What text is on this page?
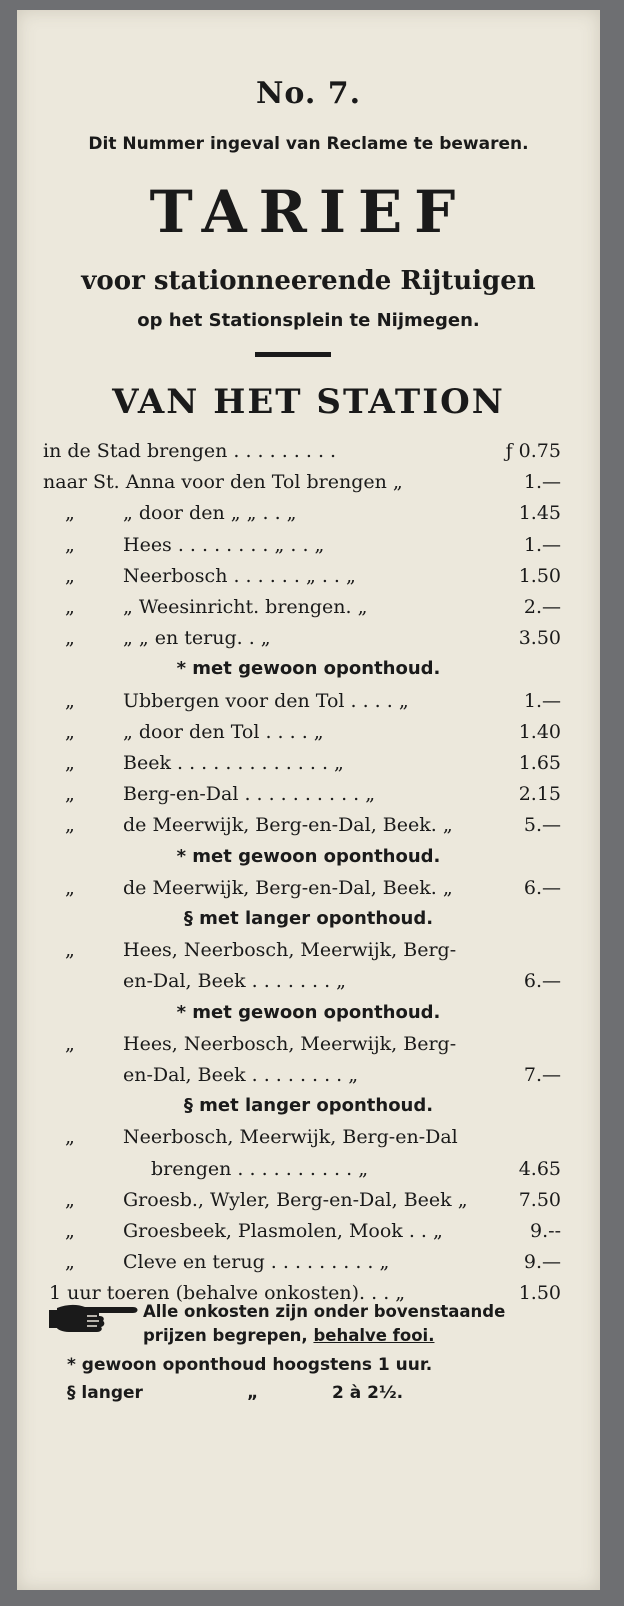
No. 7.
Dit Nummer ingeval van Reclame te bewaren.
TARIEF
voor stationneerende Rijtuigen
op het Stationsplein te Nijmegen.
VAN HET STATION
in de Stad brengen . . . . . . . . .	ƒ 0.75
naar St. Anna voor den Tol brengen „	1.—
„	„ door den „ „ . . „	1.45
„	Hees . . . . . . . . „ . . „	1.—
„	Neerbosch . . . . . . „ . . „	1.50
„	„ Weesinricht. brengen. „	2.—
„	„ „ en terug. . „	3.50
* met gewoon oponthoud.
„	Ubbergen voor den Tol . . . . „	1.—
„	„ door den Tol . . . . „	1.40
„	Beek . . . . . . . . . . . . . „	1.65
„	Berg-en-Dal . . . . . . . . . . „	2.15
„	de Meerwijk, Berg-en-Dal, Beek. „	5.—
* met gewoon oponthoud.
„	de Meerwijk, Berg-en-Dal, Beek. „	6.—
§ met langer oponthoud.
„	Hees, Neerbosch, Meerwijk, Berg-
en-Dal, Beek . . . . . . . „	6.—
* met gewoon oponthoud.
„	Hees, Neerbosch, Meerwijk, Berg-
en-Dal, Beek . . . . . . . . „	7.—
§ met langer oponthoud.
„	Neerbosch, Meerwijk, Berg-en-Dal
brengen . . . . . . . . . . „	4.65
„	Groesb., Wyler, Berg-en-Dal, Beek „	7.50
„	Groesbeek, Plasmolen, Mook . . „	9.--
„	Cleve en terug . . . . . . . . . „	9.—
1 uur toeren (behalve onkosten). . . „	1.50
Alle onkosten zijn onder bovenstaande
prijzen begrepen, behalve fooi.
* gewoon oponthoud hoogstens 1 uur.
§ langer	„	2 à 2½.
